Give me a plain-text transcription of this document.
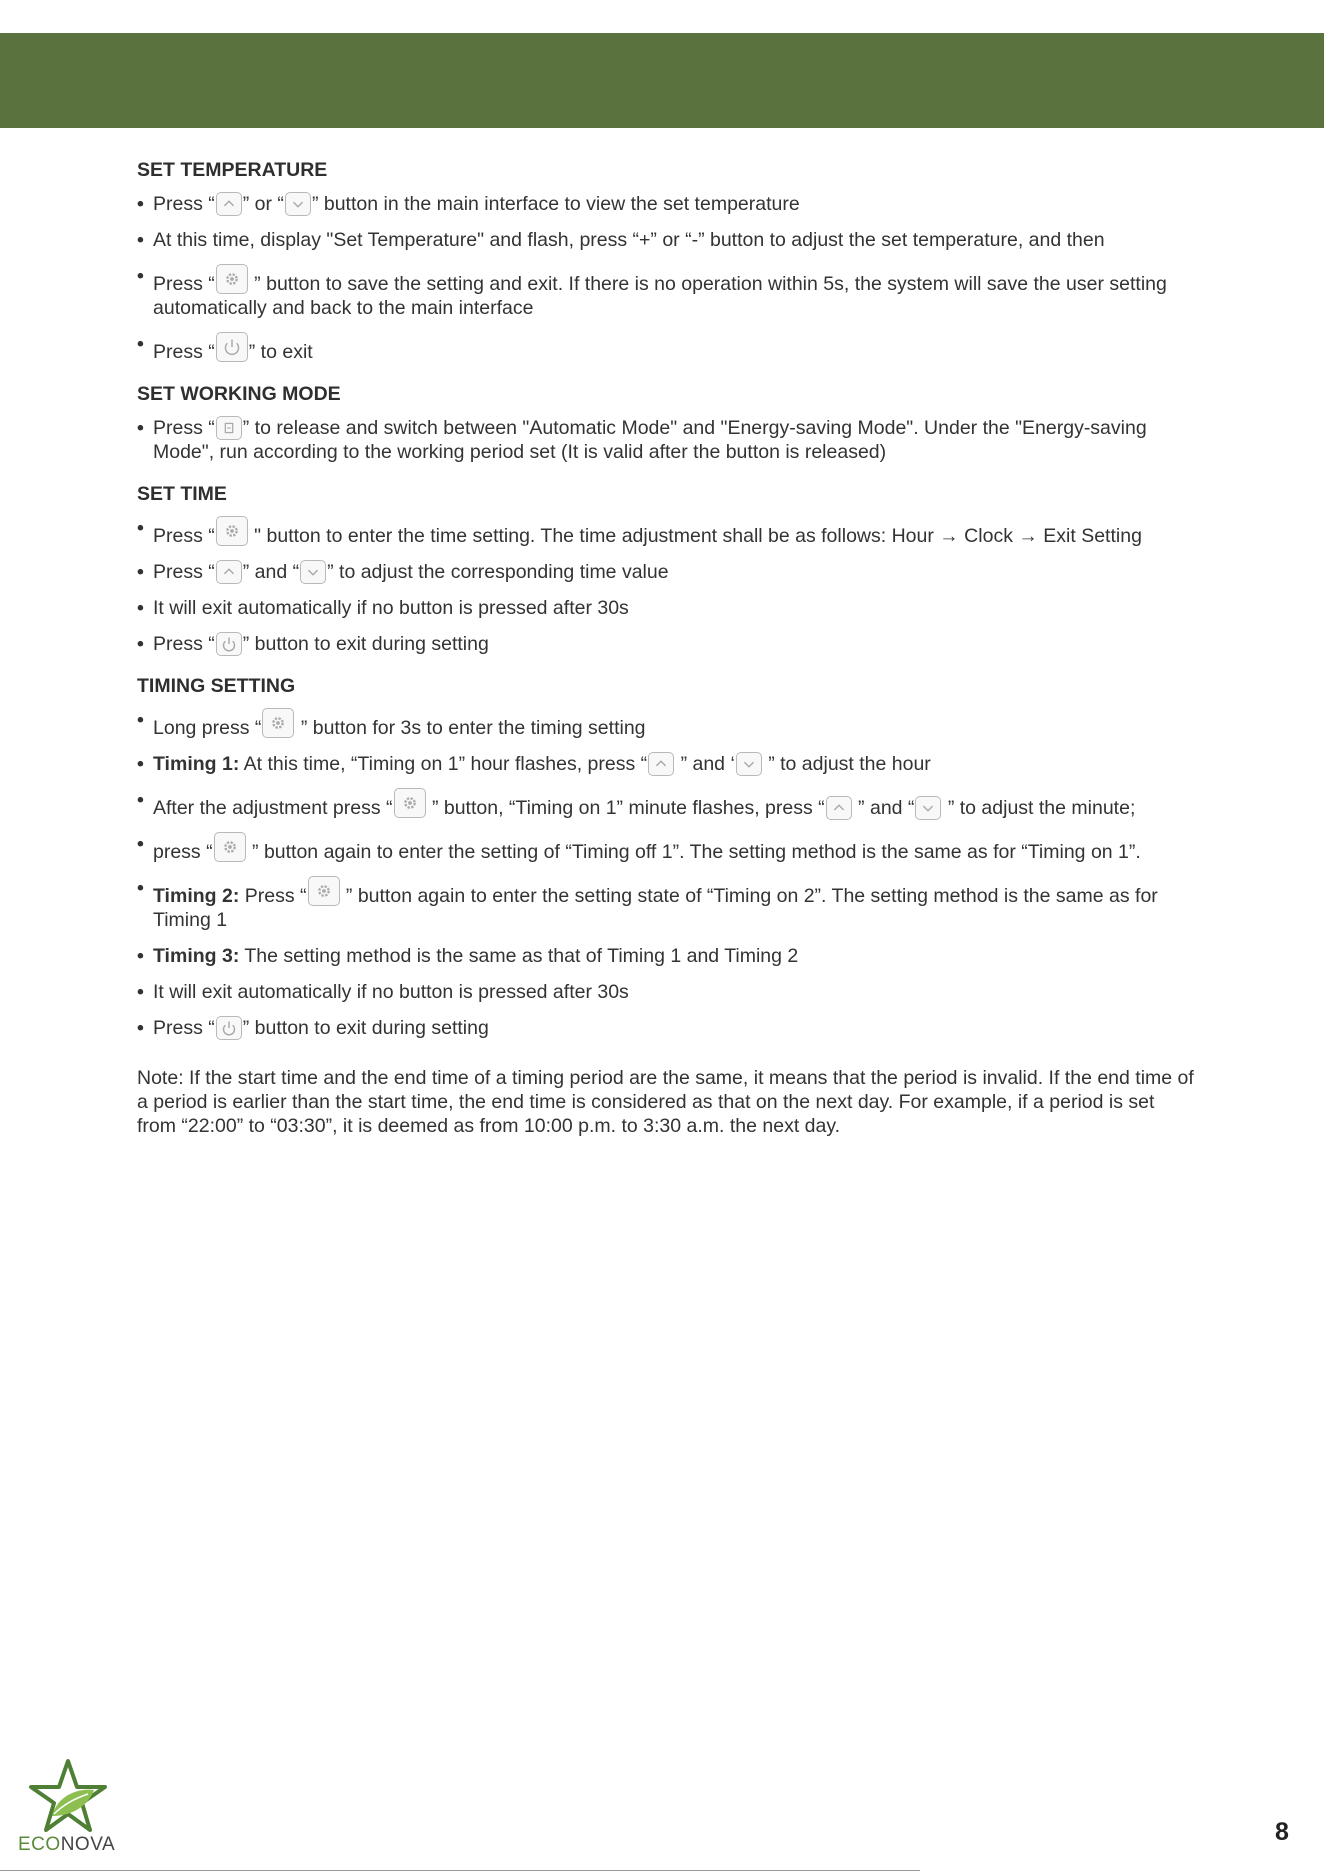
SET TEMPERATURE
• Press “ ” or “ ” button in the main interface to view the set temperature
• At this time, display "Set Temperature" and flash, press “+” or “-” button to adjust the set temperature, and then
• Press “
” button to save the setting and exit. If there is no operation within 5s, the system will save the user setting automatically and back to the main interface
• Press “ ” to exit
SET WORKING MODE
• Press “ ” to release and switch between "Automatic Mode" and "Energy-saving Mode". Under the "Energy-saving Mode", run according to the working period set (It is valid after the button is released)
SET TIME
• Press “
" button to enter the time setting. The time adjustment shall be as follows: Hour → Clock → Exit Setting
• Press “ ” and “ ” to adjust the corresponding time value
• It will exit automatically if no button is pressed after 30s
• Press “ ” button to exit during setting
TIMING SETTING
• Long press “
” button for 3s to enter the timing setting
• Timing 1: At this time, “Timing on 1” hour flashes, press “
” and ‘
” to adjust the hour
• After the adjustment press “
” button, “Timing on 1” minute flashes, press “
” and “
” to adjust the minute;
• press “
” button again to enter the setting of “Timing off 1”. The setting method is the same as for “Timing on 1”.
• Timing 2: Press “
” button again to enter the setting state of “Timing on 2”. The setting method is the same as for Timing 1
• Timing 3: The setting method is the same as that of Timing 1 and Timing 2
• It will exit automatically if no button is pressed after 30s
• Press “ ” button to exit during setting
Note: If the start time and the end time of a timing period are the same, it means that the period is invalid. If the end time of a period is earlier than the start time, the end time is considered as that on the next day. For example, if a period is set from “22:00” to “03:30”, it is deemed as from 10:00 p.m. to 3:30 a.m. the next day.
ECONOVA	8
